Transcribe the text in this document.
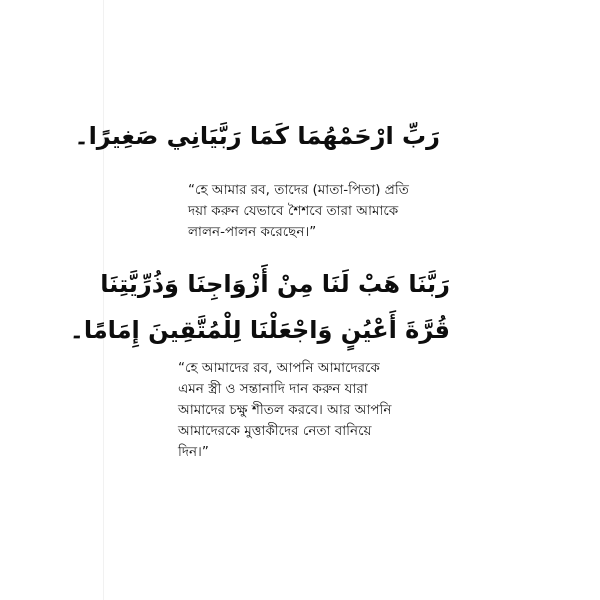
رَبِّ ارْحَمْهُمَا كَمَا رَبَّيَانِي صَغِيرًا۔
“হে আমার রব, তাদের (মাতা-পিতা) প্রতি
দয়া করুন যেভাবে শৈশবে তারা আমাকে
লালন-পালন করেছেন।”
رَبَّنَا هَبْ لَنَا مِنْ أَزْوَاجِنَا وَذُرِّيَّتِنَا
قُرَّةَ أَعْيُنٍ وَاجْعَلْنَا لِلْمُتَّقِينَ إِمَامًا۔
“হে আমাদের রব, আপনি আমাদেরকে
এমন স্ত্রী ও সন্তানাদি দান করুন যারা
আমাদের চক্ষু শীতল করবে। আর আপনি
আমাদেরকে মুত্তাকীদের নেতা বানিয়ে
দিন।”
